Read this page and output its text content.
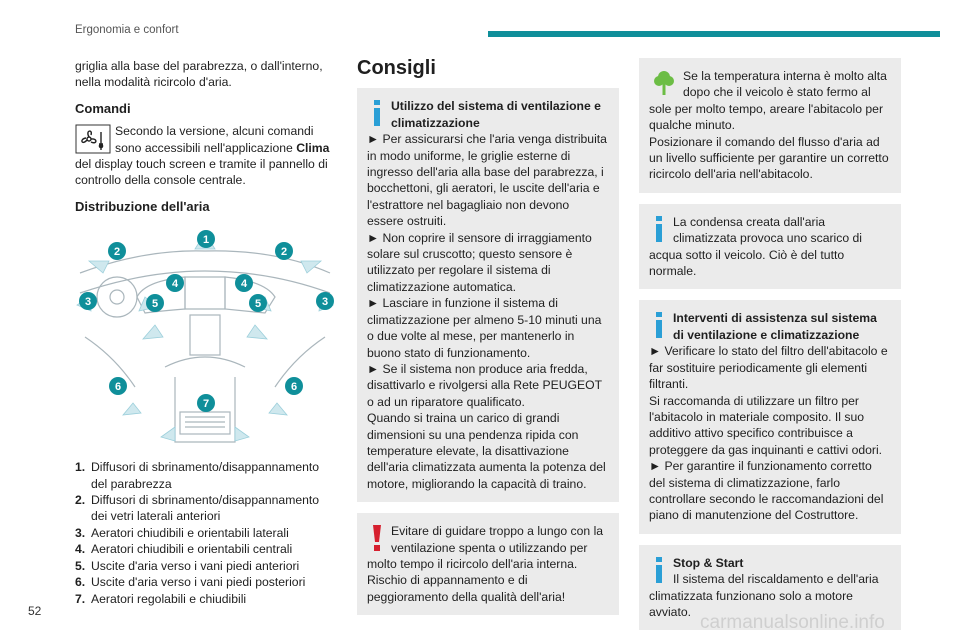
Ergonomia e confort

griglia alla base del parabrezza, o dall'interno, nella modalità ricircolo d'aria.

Comandi
Secondo la versione, alcuni comandi sono accessibili nell'applicazione Clima del display touch screen e tramite il pannello di controllo della console centrale.
Distribuzione dell'aria
1
2	2
3	3
4	4
5	5
6	6
7
1. Diffusori di sbrinamento/disappannamento del parabrezza
2. Diffusori di sbrinamento/disappannamento dei vetri laterali anteriori
3. Aeratori chiudibili e orientabili laterali
4. Aeratori chiudibili e orientabili centrali
5. Uscite d'aria verso i vani piedi anteriori
6. Uscite d'aria verso i vani piedi posteriori
7. Aeratori regolabili e chiudibili
Consigli
Utilizzo del sistema di ventilazione e climatizzazione

► Per assicurarsi che l'aria venga distribuita in modo uniforme, le griglie esterne di ingresso dell'aria alla base del parabrezza, i bocchettoni, gli aeratori, le uscite dell'aria e l'estrattore nel bagagliaio non devono essere ostruiti.

► Non coprire il sensore di irraggiamento solare sul cruscotto; questo sensore è utilizzato per regolare il sistema di climatizzazione automatica.

► Lasciare in funzione il sistema di climatizzazione per almeno 5-10 minuti una o due volte al mese, per mantenerlo in buono stato di funzionamento.

► Se il sistema non produce aria fredda, disattivarlo e rivolgersi alla Rete PEUGEOT o ad un riparatore qualificato.

Quando si traina un carico di grandi dimensioni su una pendenza ripida con temperature elevate, la disattivazione dell'aria climatizzata aumenta la potenza del motore, migliorando la capacità di traino.

Evitare di guidare troppo a lungo con la ventilazione spenta o utilizzando per molto tempo il ricircolo dell'aria interna. Rischio di appannamento e di peggioramento della qualità dell'aria!

Se la temperatura interna è molto alta dopo che il veicolo è stato fermo al sole per molto tempo, areare l'abitacolo per qualche minuto.

Posizionare il comando del flusso d'aria ad un livello sufficiente per garantire un corretto ricircolo dell'aria nell'abitacolo.

La condensa creata dall'aria climatizzata provoca uno scarico di acqua sotto il veicolo. Ciò è del tutto normale.

Interventi di assistenza sul sistema di ventilazione e climatizzazione

► Verificare lo stato del filtro dell'abitacolo e far sostituire periodicamente gli elementi filtranti.

Si raccomanda di utilizzare un filtro per l'abitacolo in materiale composito. Il suo additivo attivo specifico contribuisce a proteggere da gas inquinanti e cattivi odori.

► Per garantire il funzionamento corretto del sistema di climatizzazione, farlo controllare secondo le raccomandazioni del piano di manutenzione del Costruttore.

Stop & Start

Il sistema del riscaldamento e dell'aria climatizzata funzionano solo a motore avviato.

52
carmanualsonline.info
